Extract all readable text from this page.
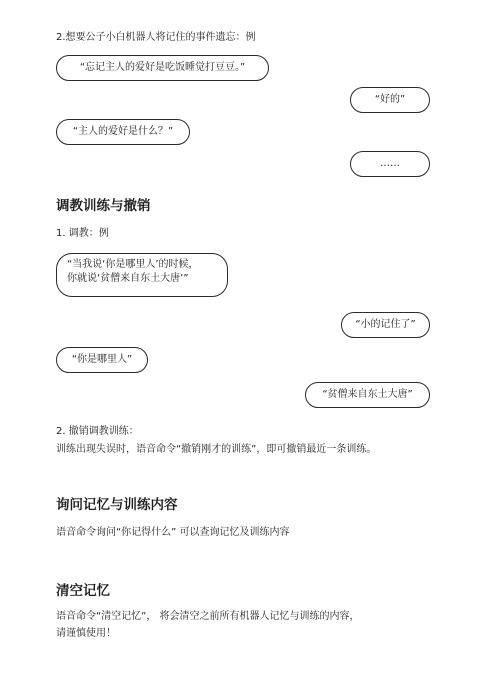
2.想要公子小白机器人将记住的事件遗忘：例
“忘记主人的爱好是吃饭睡觉打豆豆。”
“好的”
“主人的爱好是什么？”
……
调教训练与撤销
1. 调教：例
“当我说‘你是哪里人’的时候，
你就说‘贫僧来自东土大唐’”
“小的记住了”
“你是哪里人”
“贫僧来自东土大唐”
2. 撤销调教训练：
训练出现失误时，语音命令“撤销刚才的训练”，即可撤销最近一条训练。
询问记忆与训练内容
语音命令询问“你记得什么” 可以查询记忆及训练内容
清空记忆
语音命令“清空记忆”， 将会清空之前所有机器人记忆与训练的内容，
请谨慎使用！
